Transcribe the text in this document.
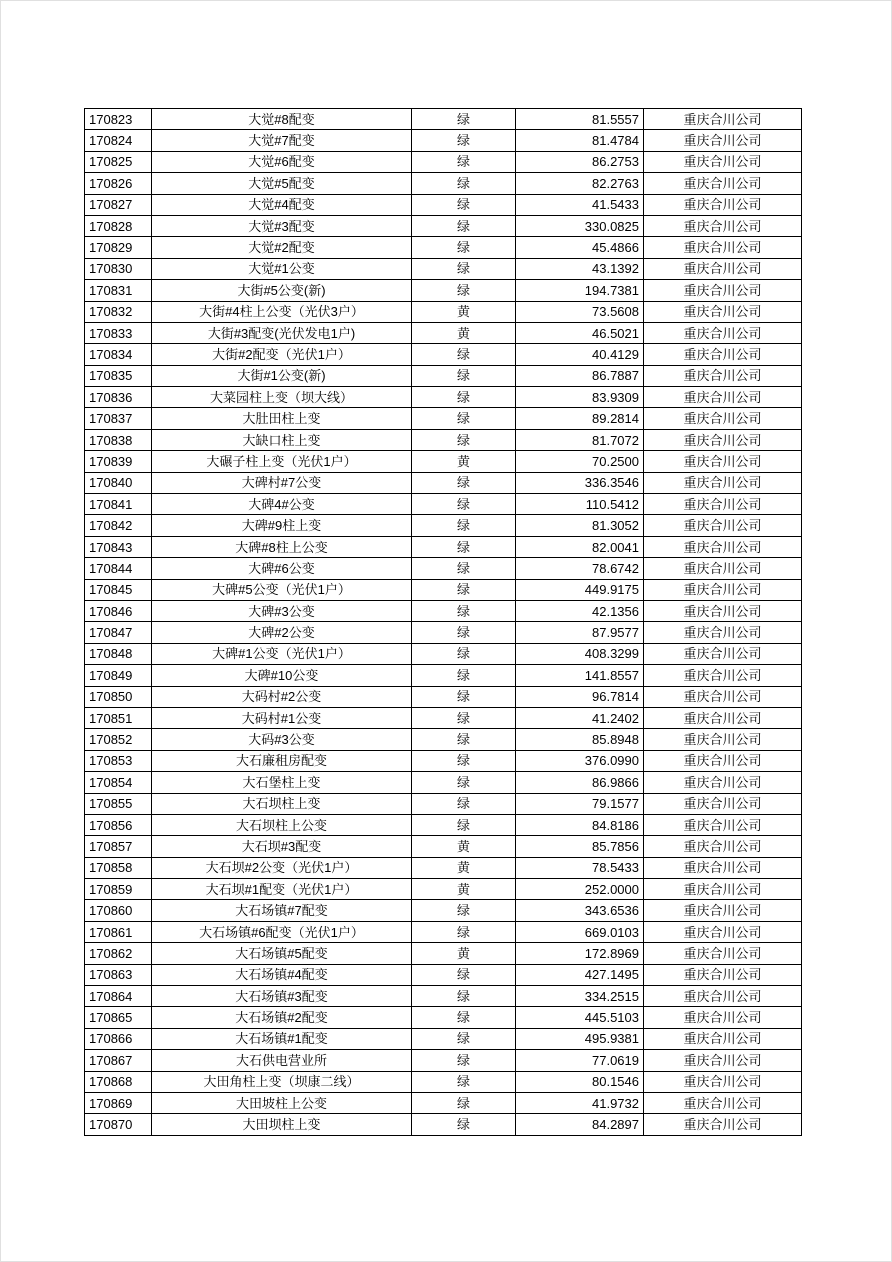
170823	大觉#8配变	绿	81.5557	重庆合川公司
170824	大觉#7配变	绿	81.4784	重庆合川公司
170825	大觉#6配变	绿	86.2753	重庆合川公司
170826	大觉#5配变	绿	82.2763	重庆合川公司
170827	大觉#4配变	绿	41.5433	重庆合川公司
170828	大觉#3配变	绿	330.0825	重庆合川公司
170829	大觉#2配变	绿	45.4866	重庆合川公司
170830	大觉#1公变	绿	43.1392	重庆合川公司
170831	大街#5公变(新)	绿	194.7381	重庆合川公司
170832	大街#4柱上公变（光伏3户）	黄	73.5608	重庆合川公司
170833	大街#3配变(光伏发电1户)	黄	46.5021	重庆合川公司
170834	大街#2配变（光伏1户）	绿	40.4129	重庆合川公司
170835	大街#1公变(新)	绿	86.7887	重庆合川公司
170836	大菜园柱上变（坝大线）	绿	83.9309	重庆合川公司
170837	大肚田柱上变	绿	89.2814	重庆合川公司
170838	大缺口柱上变	绿	81.7072	重庆合川公司
170839	大碾子柱上变（光伏1户）	黄	70.2500	重庆合川公司
170840	大碑村#7公变	绿	336.3546	重庆合川公司
170841	大碑4#公变	绿	110.5412	重庆合川公司
170842	大碑#9柱上变	绿	81.3052	重庆合川公司
170843	大碑#8柱上公变	绿	82.0041	重庆合川公司
170844	大碑#6公变	绿	78.6742	重庆合川公司
170845	大碑#5公变（光伏1户）	绿	449.9175	重庆合川公司
170846	大碑#3公变	绿	42.1356	重庆合川公司
170847	大碑#2公变	绿	87.9577	重庆合川公司
170848	大碑#1公变（光伏1户）	绿	408.3299	重庆合川公司
170849	大碑#10公变	绿	141.8557	重庆合川公司
170850	大码村#2公变	绿	96.7814	重庆合川公司
170851	大码村#1公变	绿	41.2402	重庆合川公司
170852	大码#3公变	绿	85.8948	重庆合川公司
170853	大石廉租房配变	绿	376.0990	重庆合川公司
170854	大石堡柱上变	绿	86.9866	重庆合川公司
170855	大石坝柱上变	绿	79.1577	重庆合川公司
170856	大石坝柱上公变	绿	84.8186	重庆合川公司
170857	大石坝#3配变	黄	85.7856	重庆合川公司
170858	大石坝#2公变（光伏1户）	黄	78.5433	重庆合川公司
170859	大石坝#1配变（光伏1户）	黄	252.0000	重庆合川公司
170860	大石场镇#7配变	绿	343.6536	重庆合川公司
170861	大石场镇#6配变（光伏1户）	绿	669.0103	重庆合川公司
170862	大石场镇#5配变	黄	172.8969	重庆合川公司
170863	大石场镇#4配变	绿	427.1495	重庆合川公司
170864	大石场镇#3配变	绿	334.2515	重庆合川公司
170865	大石场镇#2配变	绿	445.5103	重庆合川公司
170866	大石场镇#1配变	绿	495.9381	重庆合川公司
170867	大石供电营业所	绿	77.0619	重庆合川公司
170868	大田角柱上变（坝康二线）	绿	80.1546	重庆合川公司
170869	大田坡柱上公变	绿	41.9732	重庆合川公司
170870	大田坝柱上变	绿	84.2897	重庆合川公司
